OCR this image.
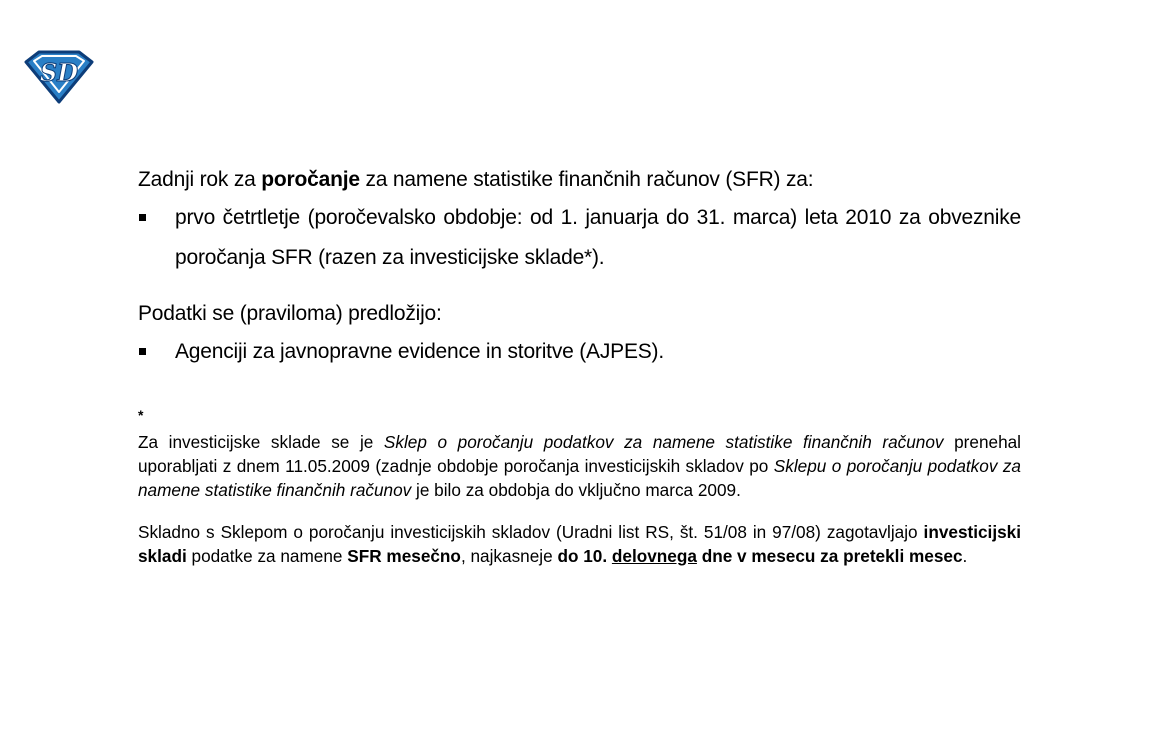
SD

Zadnji rok za poročanje za namene statistike finančnih računov (SFR) za:

prvo četrtletje (poročevalsko obdobje: od 1. januarja do 31. marca) leta 2010 za obveznike poročanja SFR (razen za investicijske sklade*).

Podatki se (praviloma) predložijo:

Agenciji za javnopravne evidence in storitve (AJPES).
*

Za investicijske sklade se je Sklep o poročanju podatkov za namene statistike finančnih računov prenehal uporabljati z dnem 11.05.2009 (zadnje obdobje poročanja investicijskih skladov po Sklepu o poročanju podatkov za namene statistike finančnih računov je bilo za obdobja do vključno marca 2009.

Skladno s Sklepom o poročanju investicijskih skladov (Uradni list RS, št. 51/08 in 97/08) zagotavljajo investicijski skladi podatke za namene SFR mesečno, najkasneje do 10. delovnega dne v mesecu za pretekli mesec.
